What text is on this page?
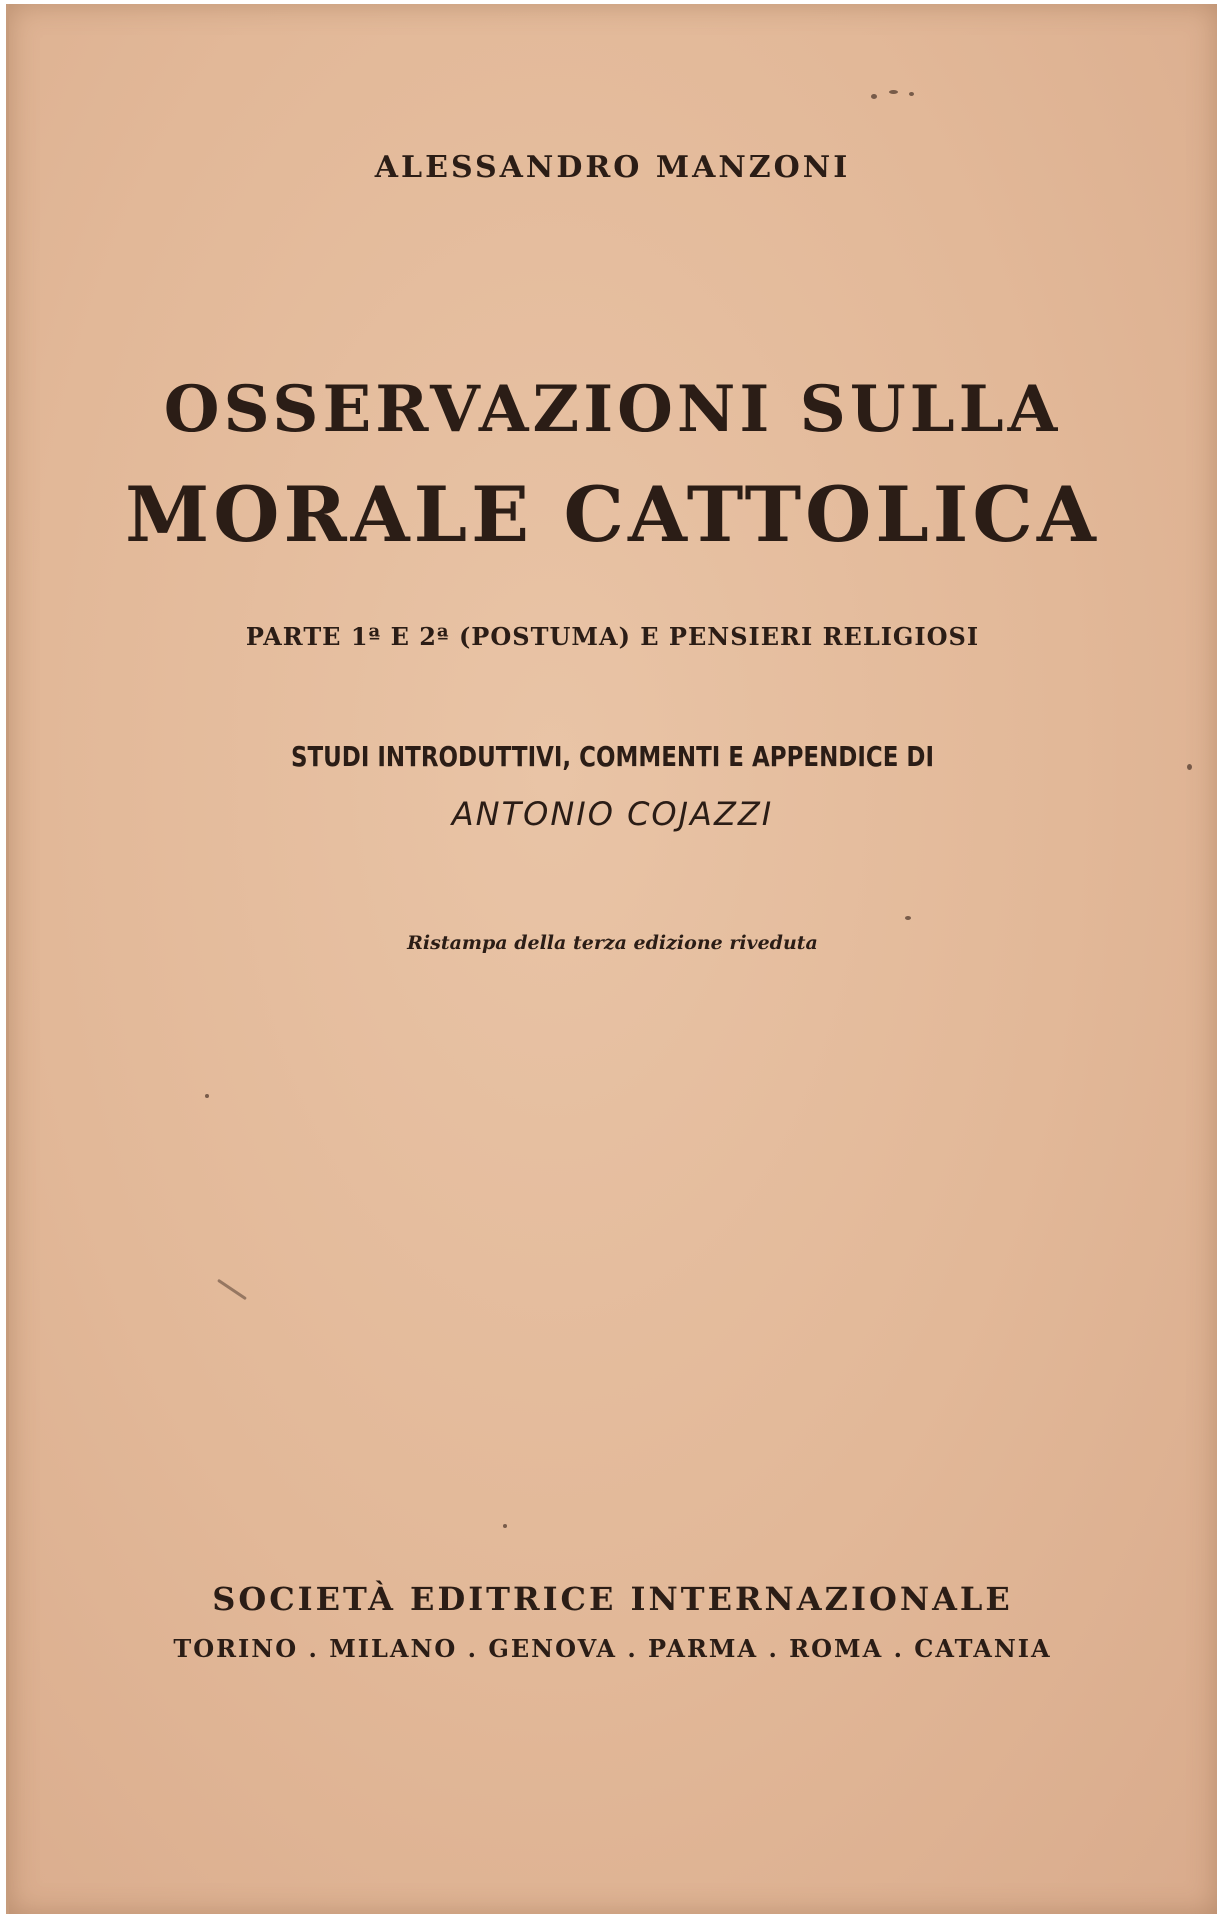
ALESSANDRO MANZONI
OSSERVAZIONI SULLA
MORALE CATTOLICA
PARTE 1ª E 2ª (POSTUMA) E PENSIERI RELIGIOSI
STUDI INTRODUTTIVI, COMMENTI E APPENDICE DI
ANTONIO COJAZZI
Ristampa della terza edizione riveduta
SOCIETÀ EDITRICE INTERNAZIONALE
TORINO . MILANO . GENOVA . PARMA . ROMA . CATANIA
